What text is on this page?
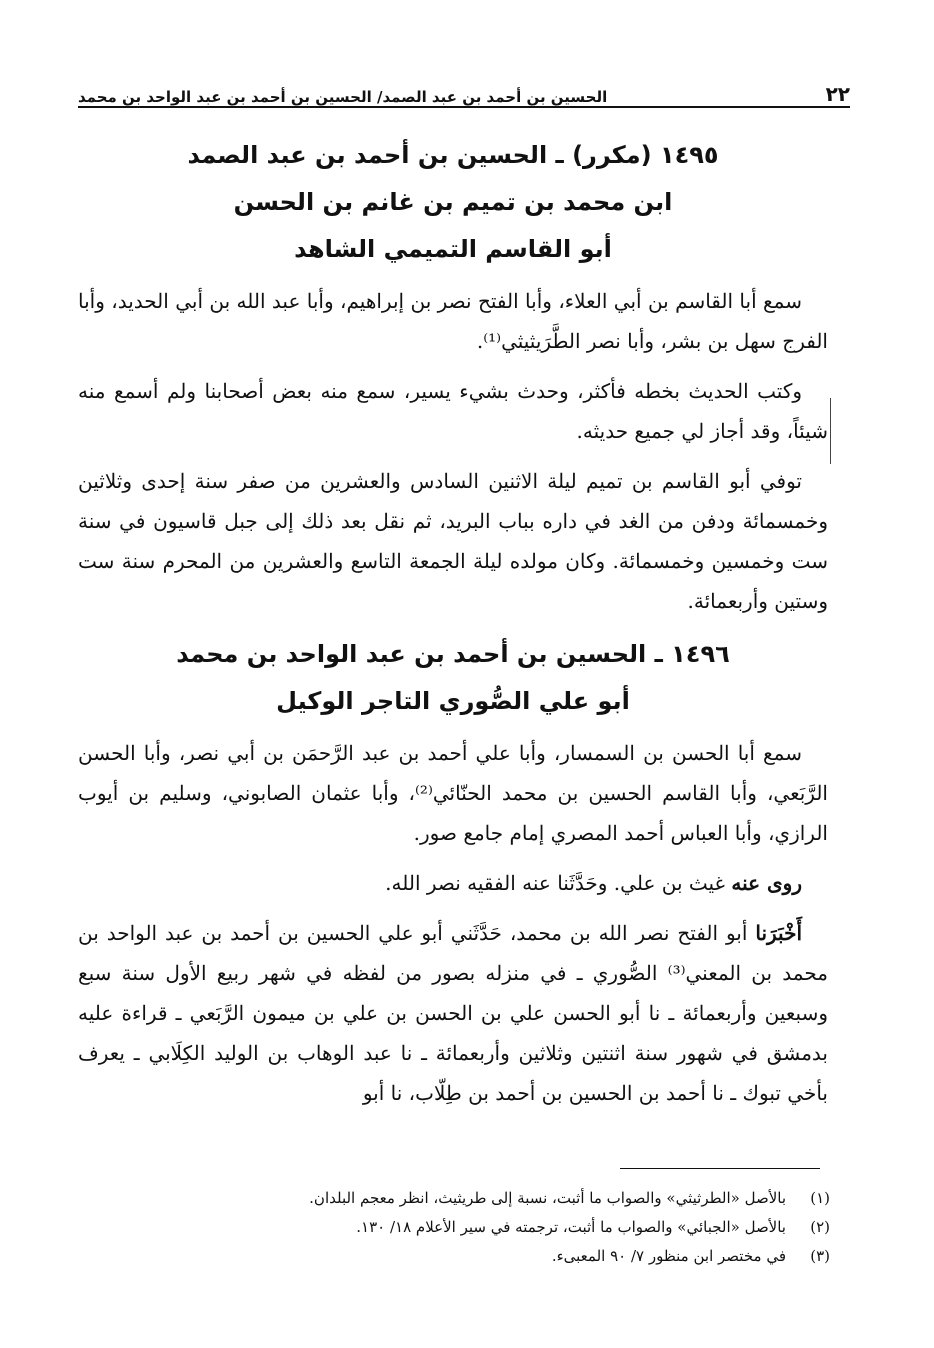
٢٢
الحسين بن أحمد بن عبد الصمد/ الحسين بن أحمد بن عبد الواحد بن محمد

١٤٩٥ (مكرر) ـ الحسين بن أحمد بن عبد الصمد

ابن محمد بن تميم بن غانم بن الحسن

أبو القاسم التميمي الشاهد

سمع أبا القاسم بن أبي العلاء، وأبا الفتح نصر بن إبراهيم، وأبا عبد الله بن أبي الحديد، وأبا الفرج سهل بن بشر، وأبا نصر الطَّرَيثيثي⁽¹⁾.

وكتب الحديث بخطه فأكثر، وحدث بشيء يسير، سمع منه بعض أصحابنا ولم أسمع منه شيئاً، وقد أجاز لي جميع حديثه.

توفي أبو القاسم بن تميم ليلة الاثنين السادس والعشرين من صفر سنة إحدى وثلاثين وخمسمائة ودفن من الغد في داره بباب البريد، ثم نقل بعد ذلك إلى جبل قاسيون في سنة ست وخمسين وخمسمائة. وكان مولده ليلة الجمعة التاسع والعشرين من المحرم سنة ست وستين وأربعمائة.

١٤٩٦ ـ الحسين بن أحمد بن عبد الواحد بن محمد

أبو علي الصُّوري التاجر الوكيل

سمع أبا الحسن بن السمسار، وأبا علي أحمد بن عبد الرَّحمَن بن أبي نصر، وأبا الحسن الرَّبَعي، وأبا القاسم الحسين بن محمد الحنّائي⁽²⁾، وأبا عثمان الصابوني، وسليم بن أيوب الرازي، وأبا العباس أحمد المصري إمام جامع صور.

روى عنه غيث بن علي. وحَدَّثَنا عنه الفقيه نصر الله.

أَخْبَرَنا أبو الفتح نصر الله بن محمد، حَدَّثَني أبو علي الحسين بن أحمد بن عبد الواحد بن محمد بن المعني⁽³⁾ الصُّوري ـ في منزله بصور من لفظه في شهر ربيع الأول سنة سبع وسبعين وأربعمائة ـ نا أبو الحسن علي بن الحسن بن علي بن ميمون الرَّبَعي ـ قراءة عليه بدمشق في شهور سنة اثنتين وثلاثين وأربعمائة ـ نا عبد الوهاب بن الوليد الكِلَابي ـ يعرف بأخي تبوك ـ نا أحمد بن الحسين بن أحمد بن طِلّاب، نا أبو

(١)
بالأصل «الطرثيثي» والصواب ما أثبت، نسبة إلى طريثيث، انظر معجم البلدان.

(٢)
بالأصل «الجبائي» والصواب ما أثبت، ترجمته في سير الأعلام ١٨/ ١٣٠.

(٣)
في مختصر ابن منظور ٧/ ٩٠ المعبىء.
